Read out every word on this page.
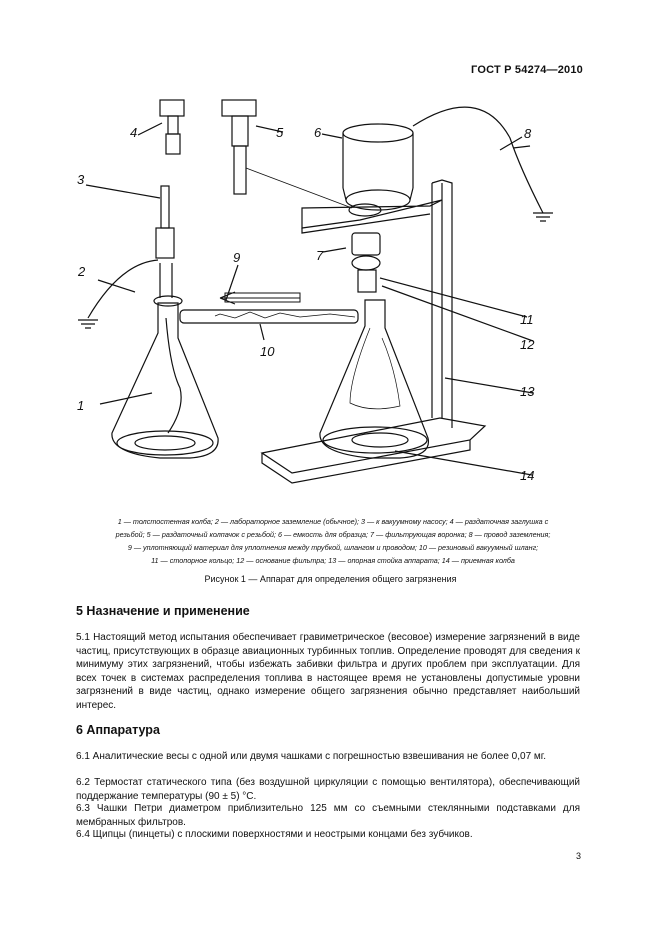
ГОСТ Р 54274—2010
4	5 6	8
3
2
9	7
10
11
12
13
1
14
1 — толстостенная колба; 2 — лабораторное заземление (обычное); 3 — к вакуумному насосу; 4 — раздаточная заглушка с
резьбой; 5 — раздаточный колпачок с резьбой; 6 — емкость для образца; 7 — фильтрующая воронка; 8 — провод заземления;
9 — уплотняющий материал для уплотнения между трубкой, шлангом и проводом; 10 — резиновый вакуумный шланг;
11 — стопорное кольцо; 12 — основание фильтра; 13 — опорная стойка аппарата; 14 — приемная колба
Рисунок 1 — Аппарат для определения общего загрязнения
5 Назначение и применение
5.1 Настоящий метод испытания обеспечивает гравиметрическое (весовое) измерение загрязнений в виде частиц, присутствующих в образце авиационных турбинных топлив. Определение проводят для сведения к минимуму этих загрязнений, чтобы избежать забивки фильтра и других проблем при эксплуатации. Для всех точек в системах распределения топлива в настоящее время не установлены допустимые уровни загрязнений в виде частиц, однако измерение общего загрязнения обычно представляет наибольший интерес.
6 Аппаратура
6.1 Аналитические весы с одной или двумя чашками с погрешностью взвешивания не более 0,07 мг.
6.2 Термостат статического типа (без воздушной циркуляции с помощью вентилятора), обеспечивающий поддержание температуры (90 ± 5) °С.
6.3 Чашки Петри диаметром приблизительно 125 мм со съемными стеклянными подставками для мембранных фильтров.
6.4 Щипцы (пинцеты) с плоскими поверхностями и неострыми концами без зубчиков.
3
